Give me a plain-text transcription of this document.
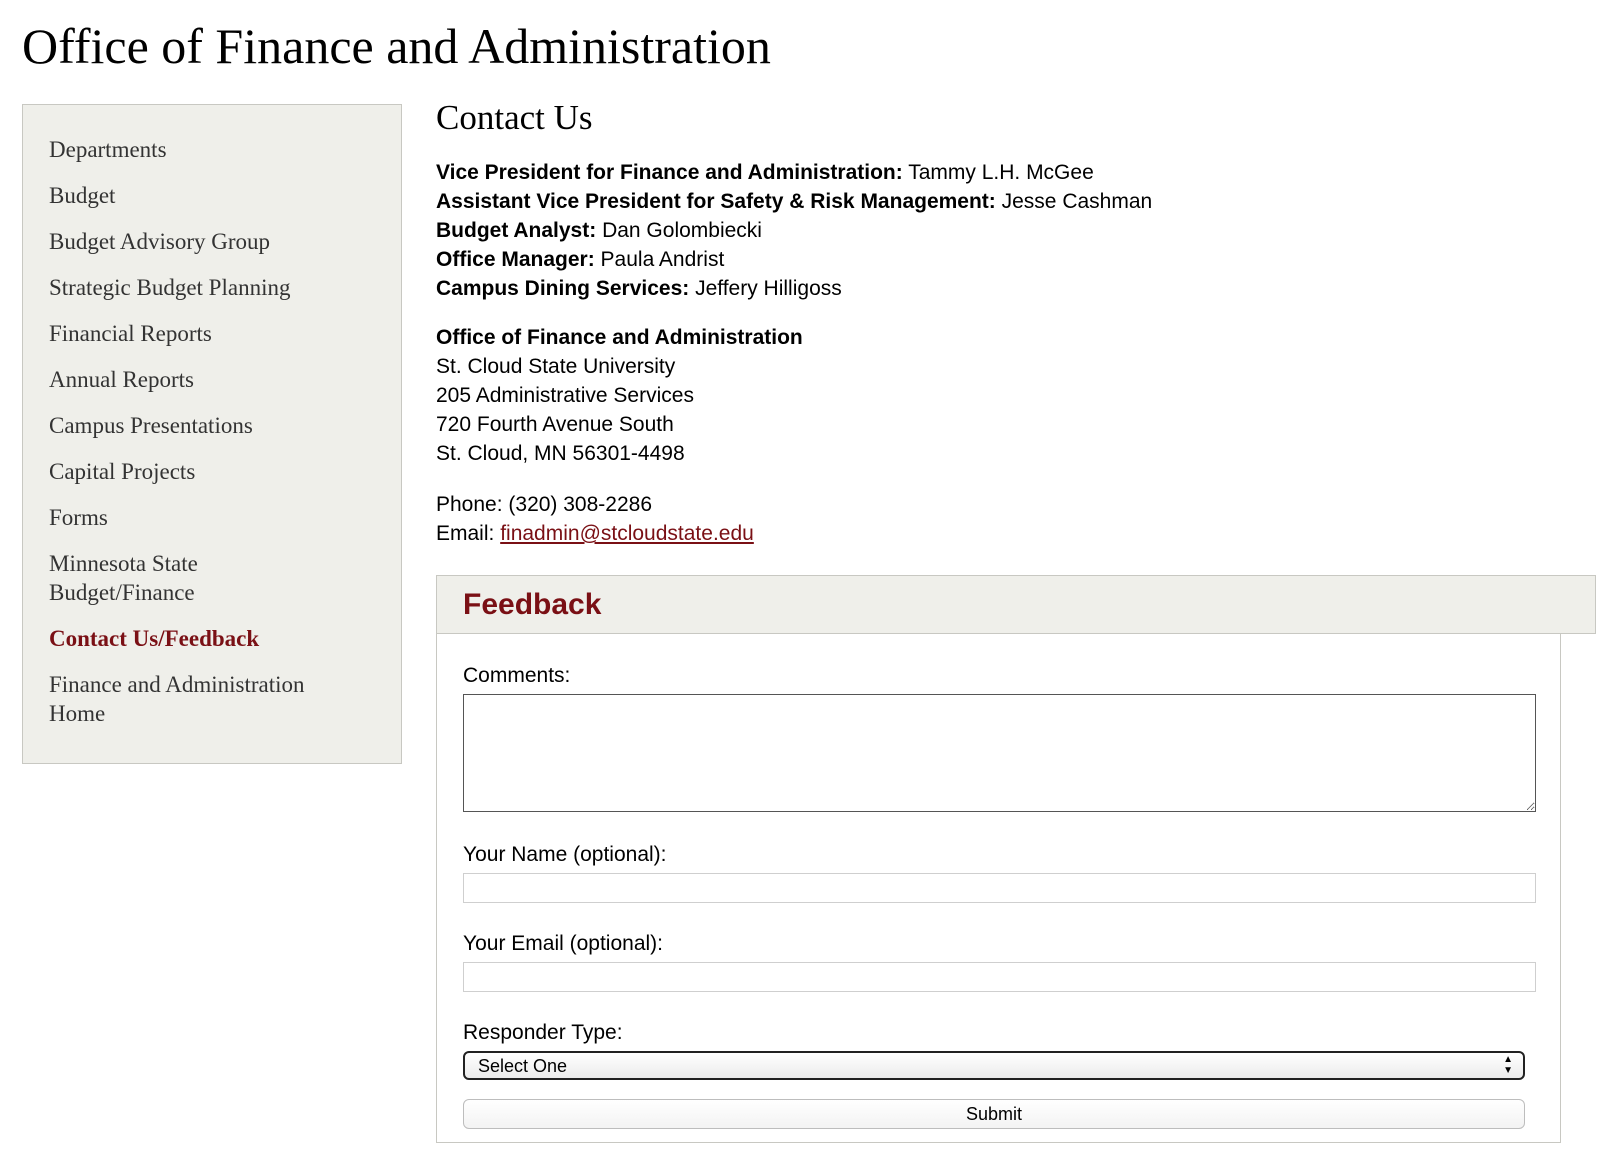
Office of Finance and Administration
Departments
Budget
Budget Advisory Group
Strategic Budget Planning
Financial Reports
Annual Reports
Campus Presentations
Capital Projects
Forms
Minnesota State Budget/Finance
Contact Us/Feedback
Finance and Administration Home
Contact Us
Vice President for Finance and Administration: Tammy L.H. McGee
Assistant Vice President for Safety & Risk Management: Jesse Cashman
Budget Analyst: Dan Golombiecki
Office Manager: Paula Andrist
Campus Dining Services: Jeffery Hilligoss
Office of Finance and Administration
St. Cloud State University
205 Administrative Services
720 Fourth Avenue South
St. Cloud, MN 56301-4498
Phone: (320) 308-2286
Email: finadmin@stcloudstate.edu
Feedback
Comments:
Your Name (optional):
Your Email (optional):
Responder Type:
Select One	▲
▼
Submit
